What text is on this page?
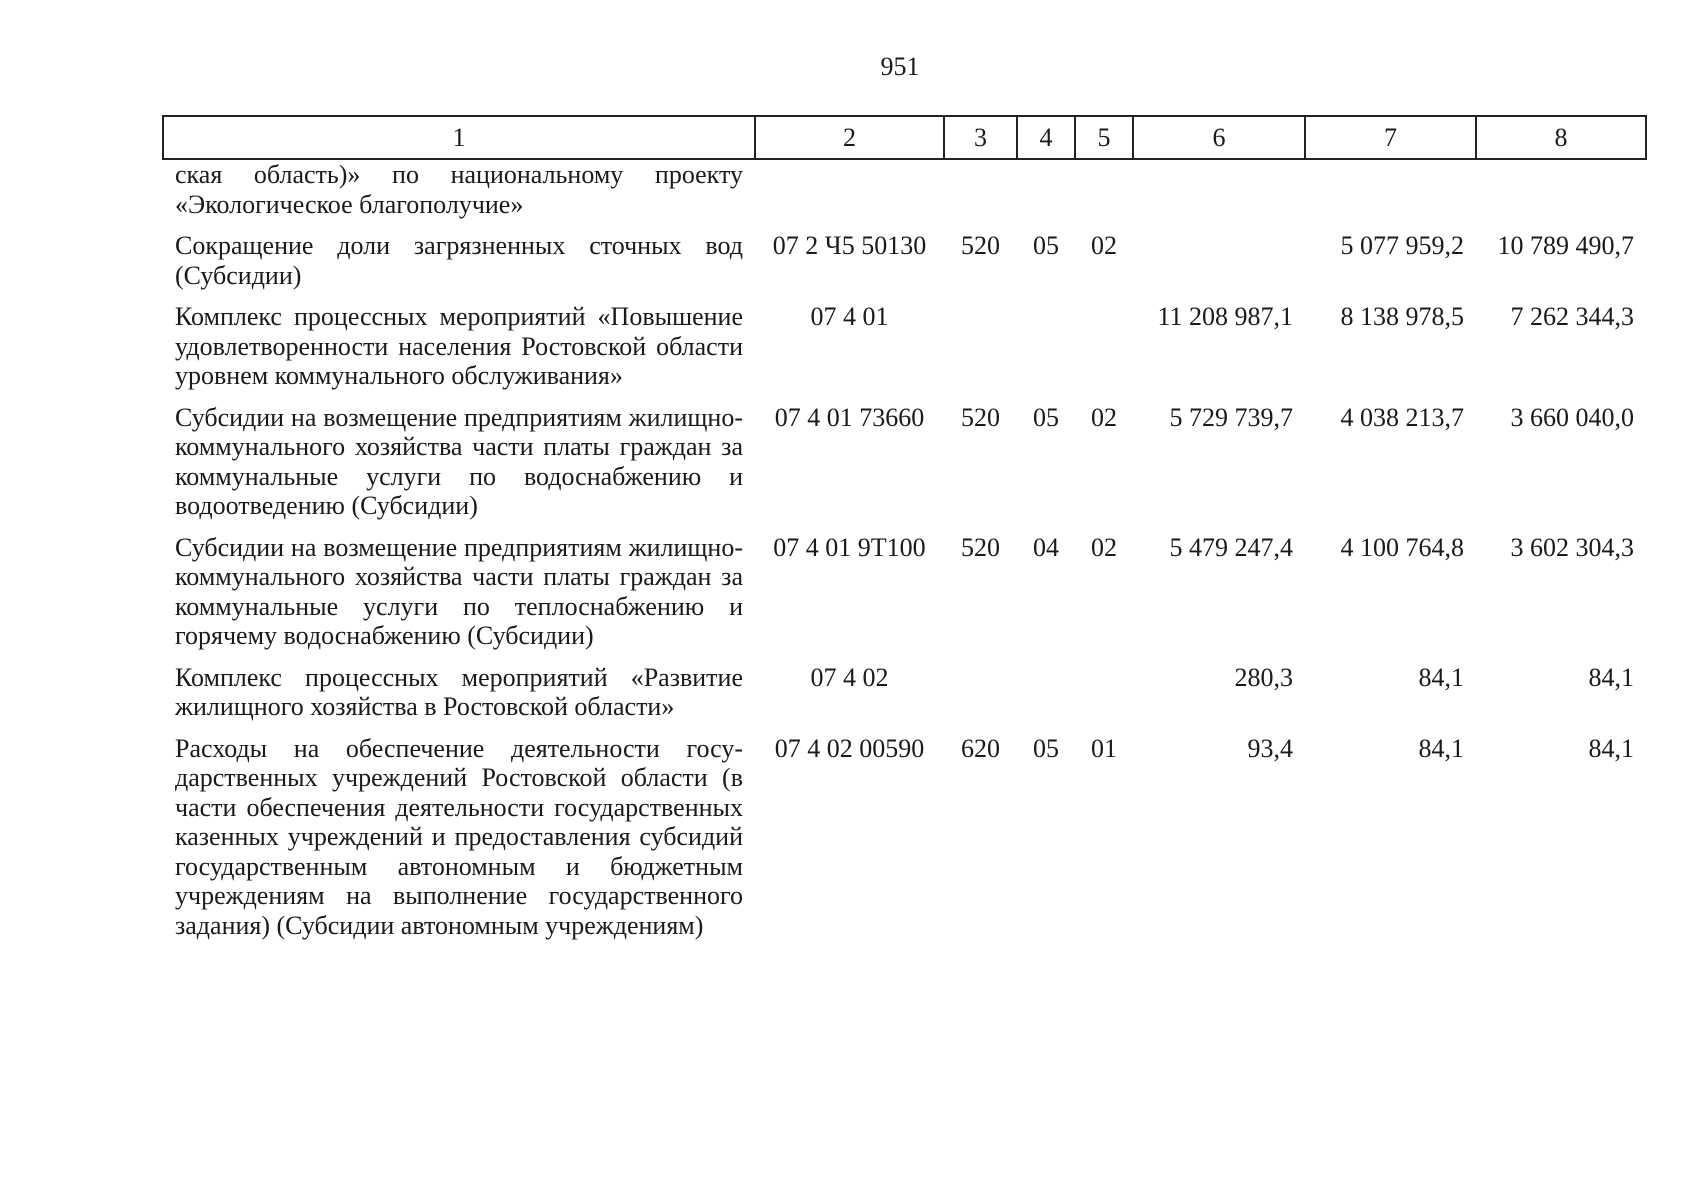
951
1	2	3	4	5	6	7	8
ская область)» по национальному проекту «Экологическое благополучие»							
Сокращение доли загрязненных сточных вод (Субсидии)	07 2 Ч5 50130	520	05	02		5 077 959,2	10 789 490,7
Комплекс процессных мероприятий «Повышение удовлетворенности населения Ростовской области уровнем коммунального обслуживания»	07 4 01				11 208 987,1	8 138 978,5	7 262 344,3
Субсидии на возмещение предприятиям жилищно-коммунального хозяйства части платы граждан за коммунальные услуги по водоснабжению и водоотведению (Субсидии)	07 4 01 73660	520	05	02	5 729 739,7	4 038 213,7	3 660 040,0
Субсидии на возмещение предприятиям жилищно-коммунального хозяйства части платы граждан за коммунальные услуги по теплоснабжению и горячему водоснабжению (Субсидии)	07 4 01 9Т100	520	04	02	5 479 247,4	4 100 764,8	3 602 304,3
Комплекс процессных мероприятий «Развитие жилищного хозяйства в Ростовской области»	07 4 02				280,3	84,1	84,1
Расходы на обеспечение деятельности государственных учреждений Ростовской области (в части обеспечения деятельности государственных казенных учреждений и предоставления субсидий государственным автономным и бюджетным учреждениям на выполнение государственного задания) (Субсидии автономным учреждениям)	07 4 02 00590	620	05	01	93,4	84,1	84,1
